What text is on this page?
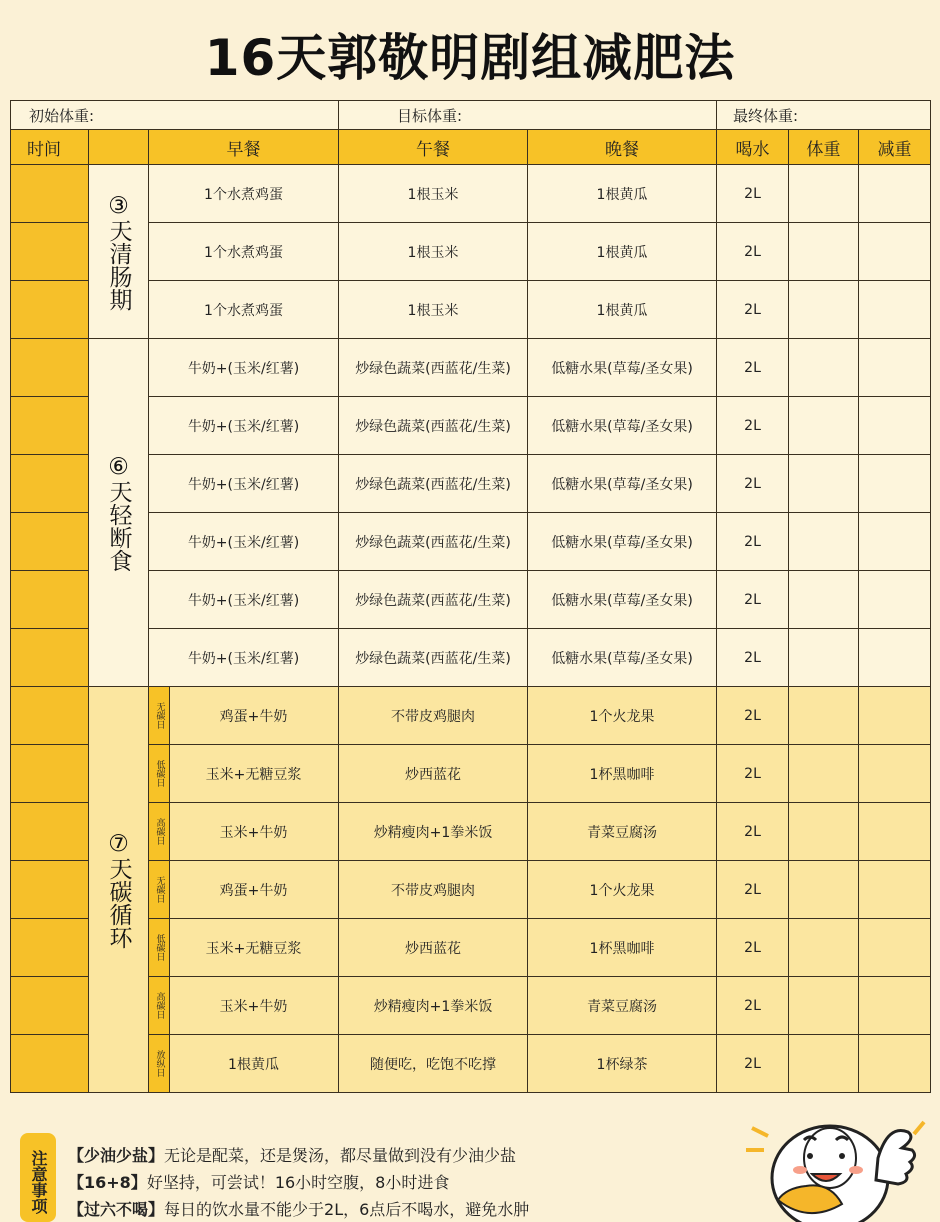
16天郭敬明剧组减肥法
初始体重:			目标体重:		最终体重:		
时间		早餐	午餐	晚餐	喝水	体重	减重

	③天清肠期	1个水煮鸡蛋	1根玉米	1根黄瓜	2L		
		1个水煮鸡蛋	1根玉米	1根黄瓜	2L		
		1个水煮鸡蛋	1根玉米	1根黄瓜	2L		

	⑥天轻断食	牛奶+(玉米/红薯)	炒绿色蔬菜(西蓝花/生菜)	低糖水果(草莓/圣女果)	2L		
		牛奶+(玉米/红薯)	炒绿色蔬菜(西蓝花/生菜)	低糖水果(草莓/圣女果)	2L		
		牛奶+(玉米/红薯)	炒绿色蔬菜(西蓝花/生菜)	低糖水果(草莓/圣女果)	2L		
		牛奶+(玉米/红薯)	炒绿色蔬菜(西蓝花/生菜)	低糖水果(草莓/圣女果)	2L		
		牛奶+(玉米/红薯)	炒绿色蔬菜(西蓝花/生菜)	低糖水果(草莓/圣女果)	2L		
		牛奶+(玉米/红薯)	炒绿色蔬菜(西蓝花/生菜)	低糖水果(草莓/圣女果)	2L		

	⑦天碳循环	无碳日 鸡蛋+牛奶	不带皮鸡腿肉	1个火龙果	2L		

		低碳日 玉米+无糖豆浆	炒西蓝花	1杯黑咖啡	2L		

		高碳日 玉米+牛奶	炒精瘦肉+1拳米饭	青菜豆腐汤	2L		

		无碳日 鸡蛋+牛奶	不带皮鸡腿肉	1个火龙果	2L		

		低碳日 玉米+无糖豆浆	炒西蓝花	1杯黑咖啡	2L		

		高碳日 玉米+牛奶	炒精瘦肉+1拳米饭	青菜豆腐汤	2L		

		放纵日 1根黄瓜	随便吃，吃饱不吃撑	1杯绿茶	2L		
注意事项	【少油少盐】无论是配菜，还是煲汤，都尽量做到没有少油少盐
【16+8】好坚持，可尝试！16小时空腹，8小时进食
【过六不喝】每日的饮水量不能少于2L，6点后不喝水，避免水肿
